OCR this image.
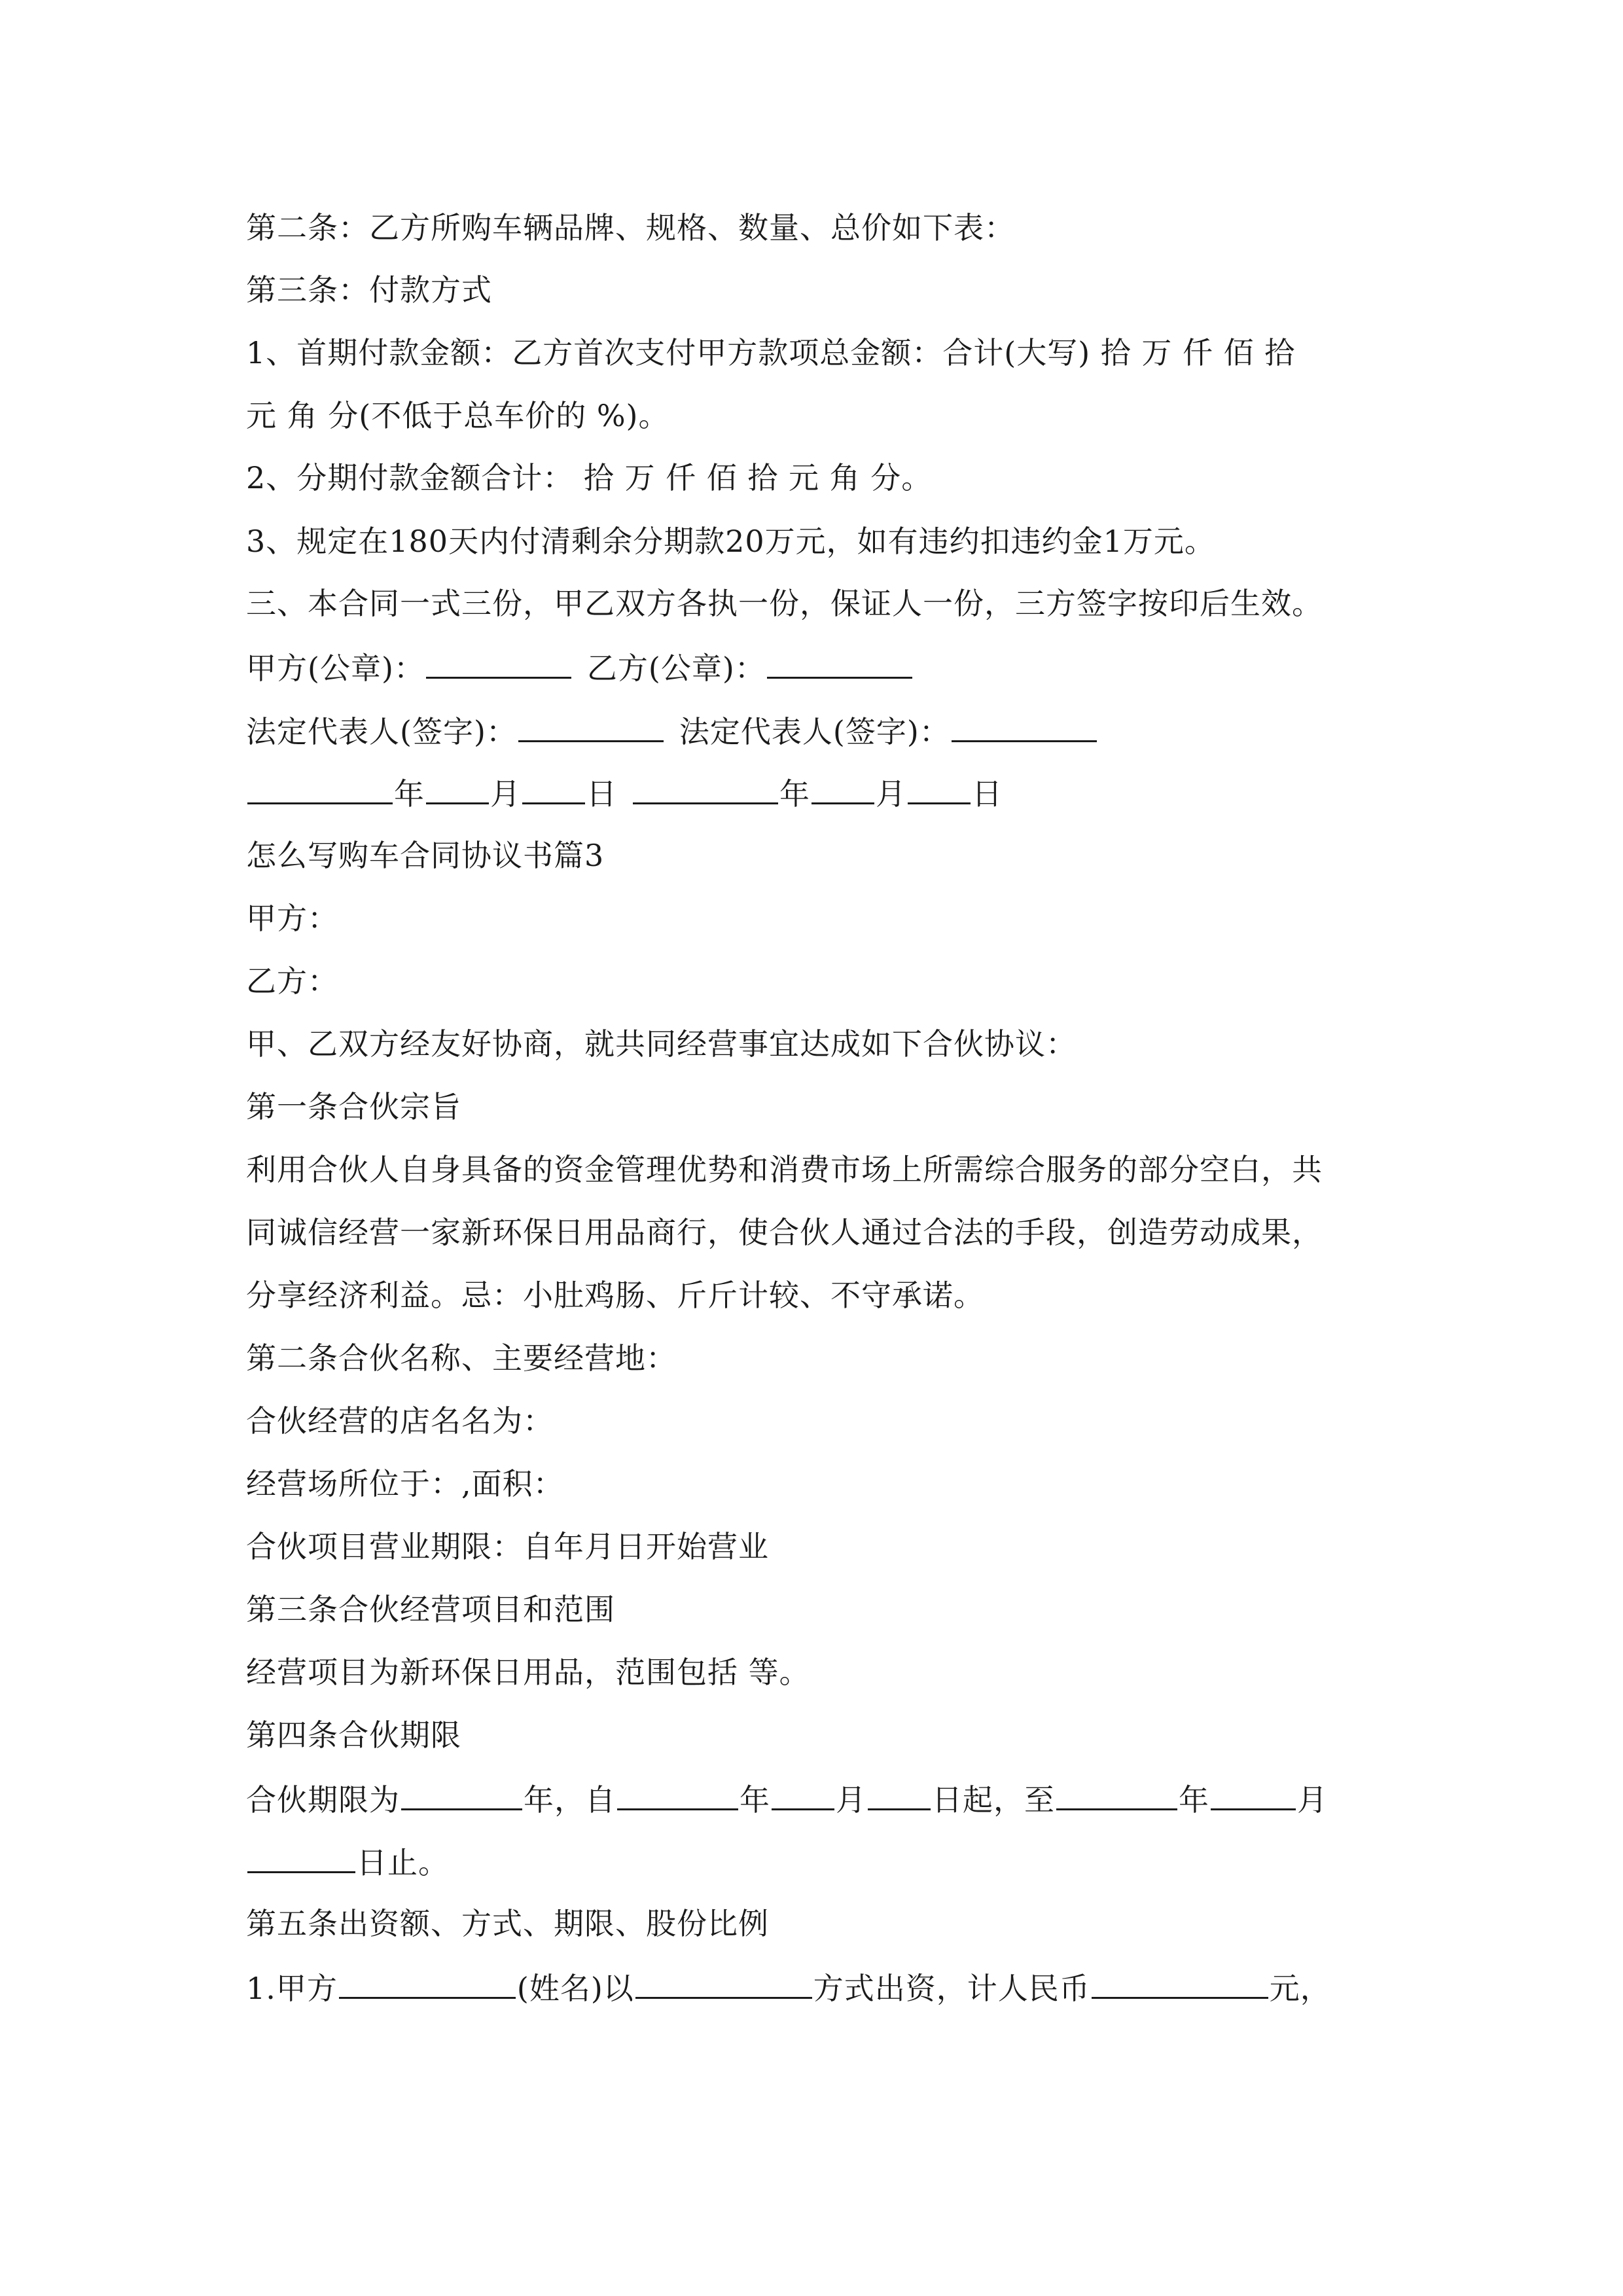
第二条：乙方所购车辆品牌、规格、数量、总价如下表：
第三条：付款方式
1、首期付款金额：乙方首次支付甲方款项总金额：合计(大写) 拾 万 仟 佰 拾
元 角 分(不低于总车价的 %)。
2、分期付款金额合计： 拾 万 仟 佰 拾 元 角 分。
3、规定在180天内付清剩余分期款20万元，如有违约扣违约金1万元。
三、本合同一式三份，甲乙双方各执一份，保证人一份，三方签字按印后生效。
甲方(公章)：	乙方(公章)：
法定代表人(签字)：	法定代表人(签字)：
年 月 日	年 月 日
怎么写购车合同协议书篇3
甲方：
乙方：
甲、乙双方经友好协商，就共同经营事宜达成如下合伙协议：
第一条合伙宗旨
利用合伙人自身具备的资金管理优势和消费市场上所需综合服务的部分空白，共
同诚信经营一家新环保日用品商行，使合伙人通过合法的手段，创造劳动成果，
分享经济利益。忌：小肚鸡肠、斤斤计较、不守承诺。
第二条合伙名称、主要经营地：
合伙经营的店名名为：
经营场所位于：,面积：
合伙项目营业期限：自年月日开始营业
第三条合伙经营项目和范围
经营项目为新环保日用品，范围包括 等。
第四条合伙期限
合伙期限为	年，自	年 月 日起，至	年	月
日止。
第五条出资额、方式、期限、股份比例
1.甲方	(姓名)以	方式出资，计人民币	元，
